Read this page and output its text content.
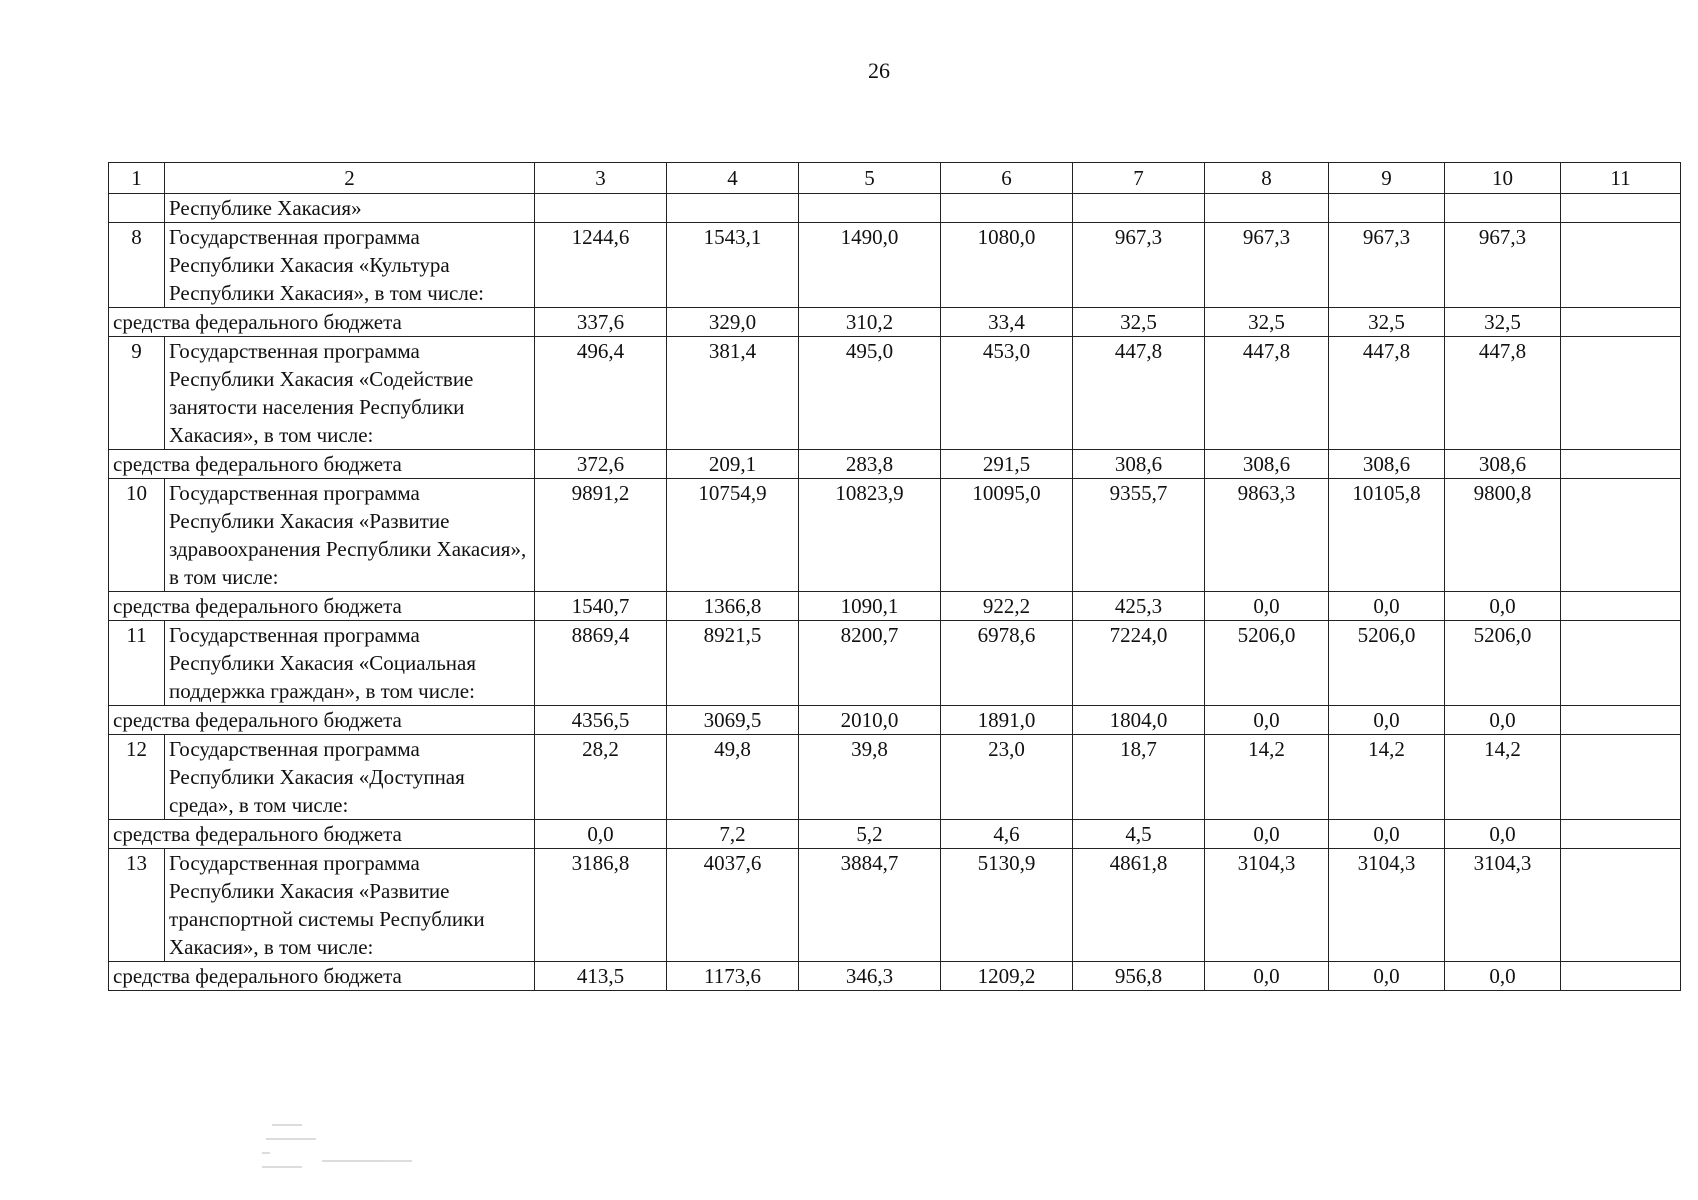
26
1	2	3	4	5	6	7	8	9	10	11
	Республике Хакасия»									
8	Государственная программа Республики Хакасия «Культура Республики Хакасия», в том числе:	1244,6	1543,1	1490,0	1080,0	967,3	967,3	967,3	967,3	
средства федерального бюджета		337,6	329,0	310,2	33,4	32,5	32,5	32,5	32,5	
9	Государственная программа Республики Хакасия «Содействие занятости населения Республики Хакасия», в том числе:	496,4	381,4	495,0	453,0	447,8	447,8	447,8	447,8	
средства федерального бюджета		372,6	209,1	283,8	291,5	308,6	308,6	308,6	308,6	
10	Государственная программа Республики Хакасия «Развитие здравоохранения Республики Хакасия», в том числе:	9891,2	10754,9	10823,9	10095,0	9355,7	9863,3	10105,8	9800,8	
средства федерального бюджета		1540,7	1366,8	1090,1	922,2	425,3	0,0	0,0	0,0	
11	Государственная программа Республики Хакасия «Социальная поддержка граждан», в том числе:	8869,4	8921,5	8200,7	6978,6	7224,0	5206,0	5206,0	5206,0	
средства федерального бюджета		4356,5	3069,5	2010,0	1891,0	1804,0	0,0	0,0	0,0	
12	Государственная программа Республики Хакасия «Доступная среда», в том числе:	28,2	49,8	39,8	23,0	18,7	14,2	14,2	14,2	
средства федерального бюджета		0,0	7,2	5,2	4,6	4,5	0,0	0,0	0,0	
13	Государственная программа Республики Хакасия «Развитие транспортной системы Республики Хакасия», в том числе:	3186,8	4037,6	3884,7	5130,9	4861,8	3104,3	3104,3	3104,3	
средства федерального бюджета		413,5	1173,6	346,3	1209,2	956,8	0,0	0,0	0,0	
